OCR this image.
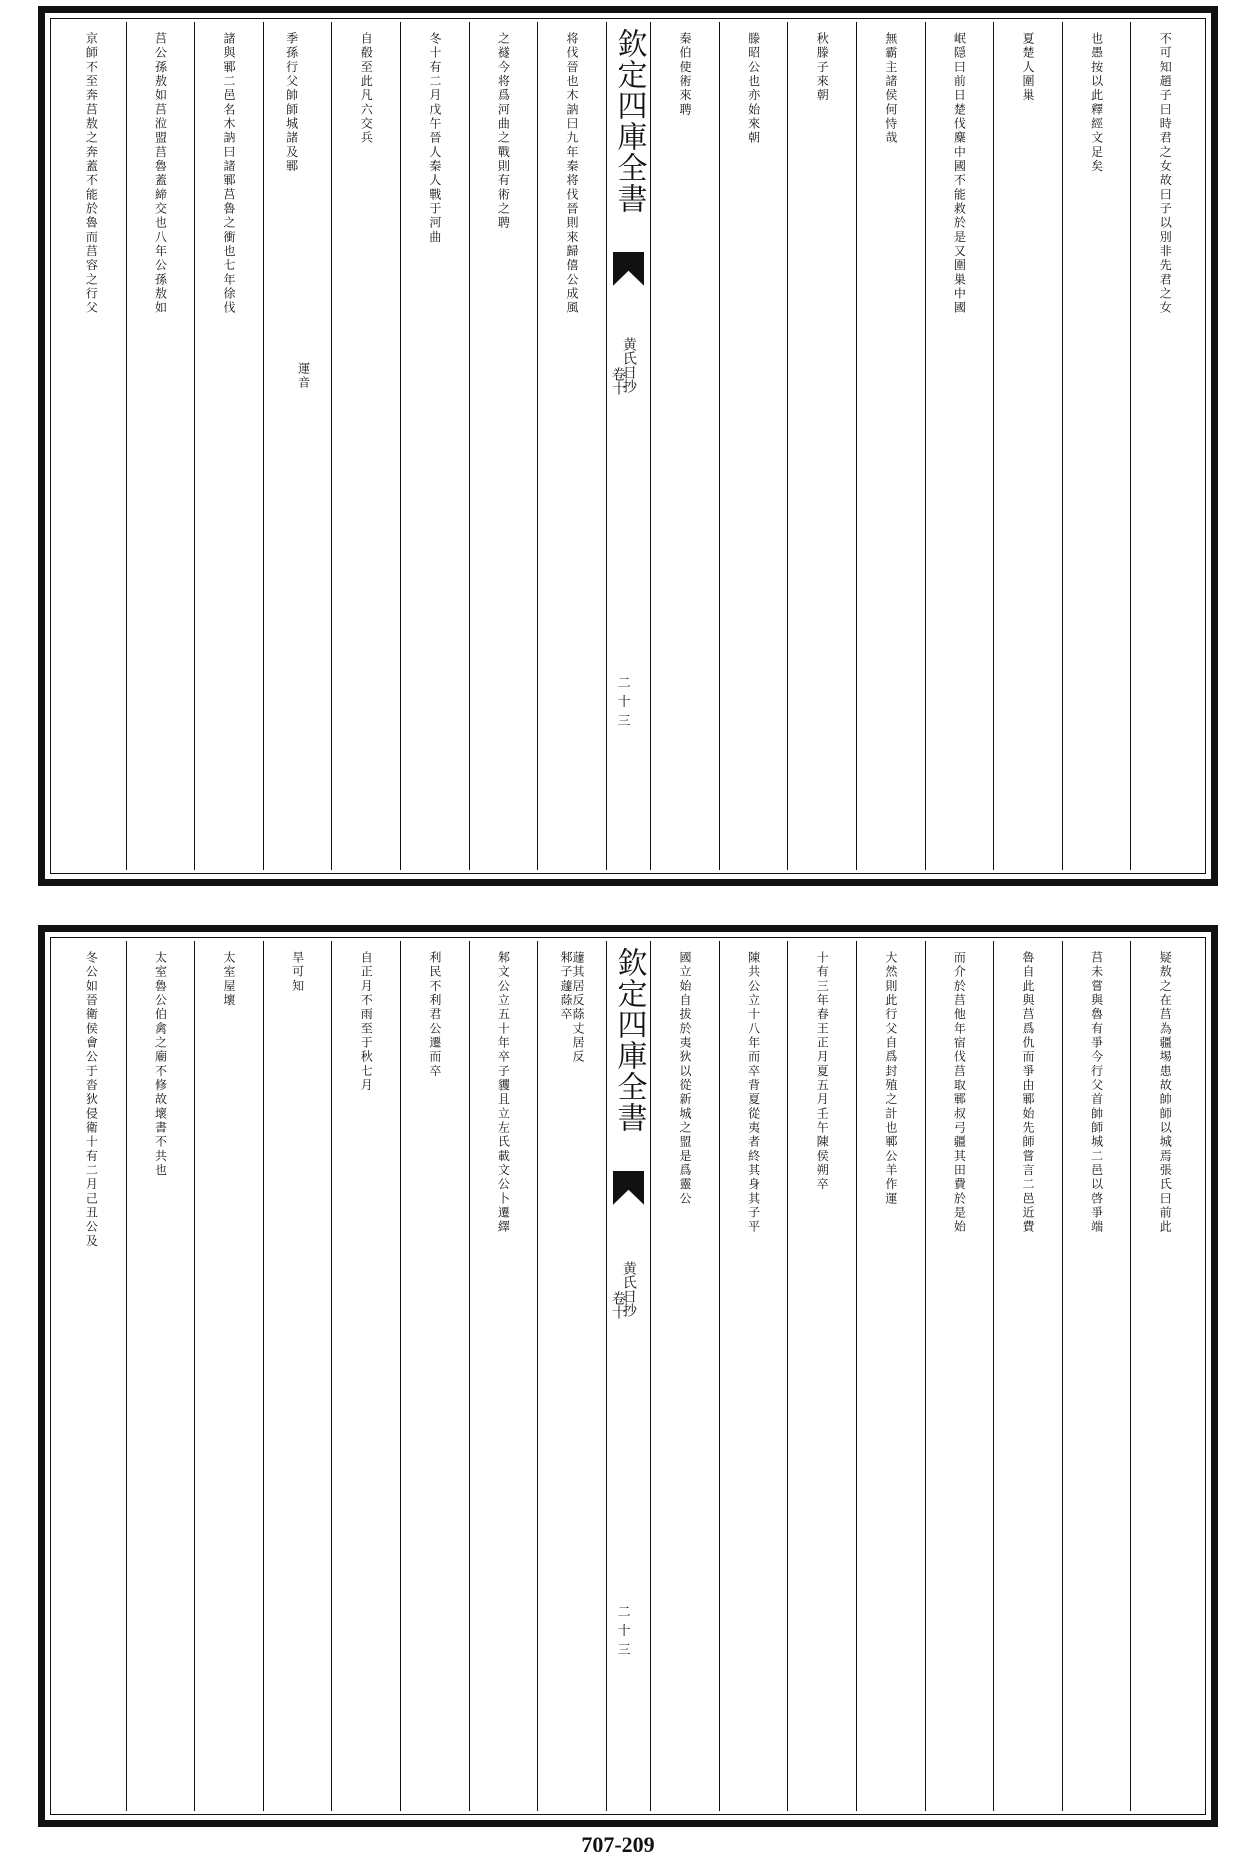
不可知趙子曰時君之女故曰子以別非先君之女
也愚按以此釋經文足矣
夏楚人圍巢
岷隠曰前日楚伐麇中國不能救於是又圍巣中國
無霸主諸侯何恃哉
秋滕子來朝
滕昭公也亦始來朝
秦伯使術來聘
欽定四庫全書
黄氏日抄
卷十
二十三
将伐晉也木訥曰九年秦将伐晉則來歸僖公成風
之襚今将爲河曲之戰則有術之聘
冬十有二月戊午晉人秦人戰于河曲
自殽至此凡六交兵
季孫行父帥師城諸及鄆
運音
諸與鄆二邑名木訥曰諸鄆莒魯之衝也七年徐伐
莒公孫敖如莒涖盟莒魯蓋締交也八年公孫敖如
京師不至奔莒敖之奔蓋不能於魯而莒容之行父
疑敖之在莒為疆埸患故帥師以城焉張氏曰前此
莒未嘗與魯有爭今行父首帥師城二邑以啓爭端
魯自此與莒爲仇而爭由鄆始先師嘗言二邑近費
而介於莒他年宿伐莒取鄆叔弓疆其田費於是始
大然則此行父自爲封殖之計也鄆公羊作運
十有三年春王正月夏五月壬午陳侯朔卒
陳共公立十八年而卒背夏從夷者終其身其子平
國立始自拔於夷狄以從新城之盟是爲靈公
欽定四庫全書
黄氏日抄
卷十
二十三
邾子蘧蒢卒
蘧其居反蒢丈居反
邾文公立五十年卒子貜且立左氏載文公卜遷繹
利民不利君公遷而卒
自正月不雨至于秋七月
旱可知
太室屋壞
太室魯公伯禽之廟不修故壞書不共也
冬公如晉衛侯會公于沓狄侵衛十有二月己丑公及
707-209
